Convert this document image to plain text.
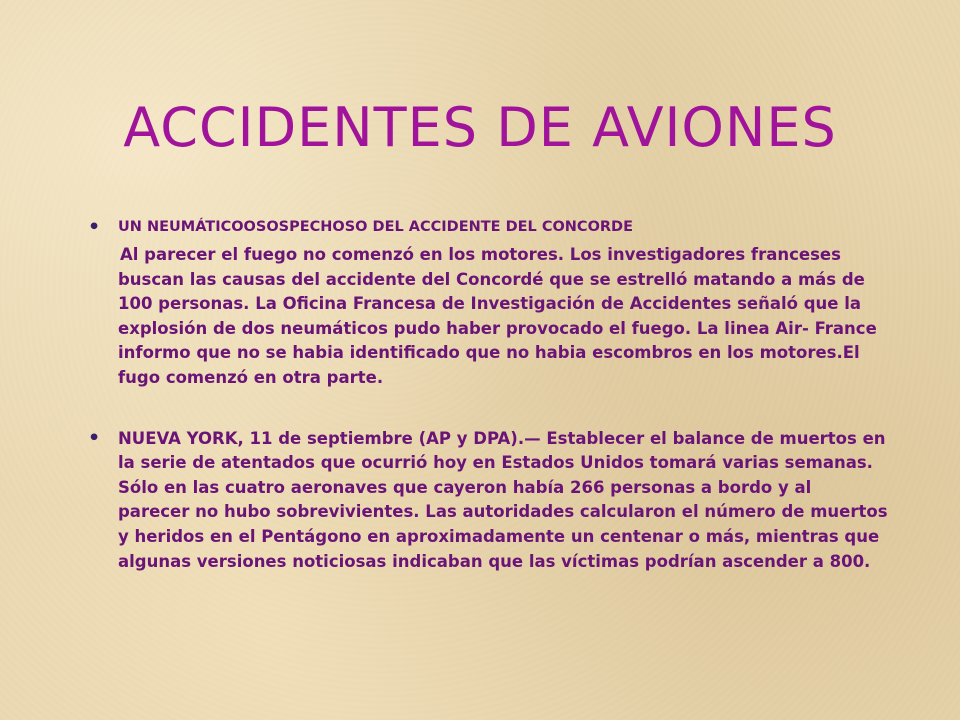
ACCIDENTES DE AVIONES
• UN NEUMÁTICOOSOSPECHOSO DEL ACCIDENTE DEL CONCORDE

Al parecer el fuego no comenzó en los motores. Los investigadores franceses buscan las causas del accidente del Concordé que se estrelló matando a más de 100 personas. La Oficina Francesa de Investigación de Accidentes señaló que la explosión de dos neumáticos pudo haber provocado el fuego. La linea Air- France informo que no se habia identificado que no habia escombros en los motores.El fugo comenzó en otra parte.

• NUEVA YORK, 11 de septiembre (AP y DPA).— Establecer el balance de muertos en la serie de atentados que ocurrió hoy en Estados Unidos tomará varias semanas. Sólo en las cuatro aeronaves que cayeron había 266 personas a bordo y al parecer no hubo sobrevivientes. Las autoridades calcularon el número de muertos y heridos en el Pentágono en aproximadamente un centenar o más, mientras que algunas versiones noticiosas indicaban que las víctimas podrían ascender a 800.
